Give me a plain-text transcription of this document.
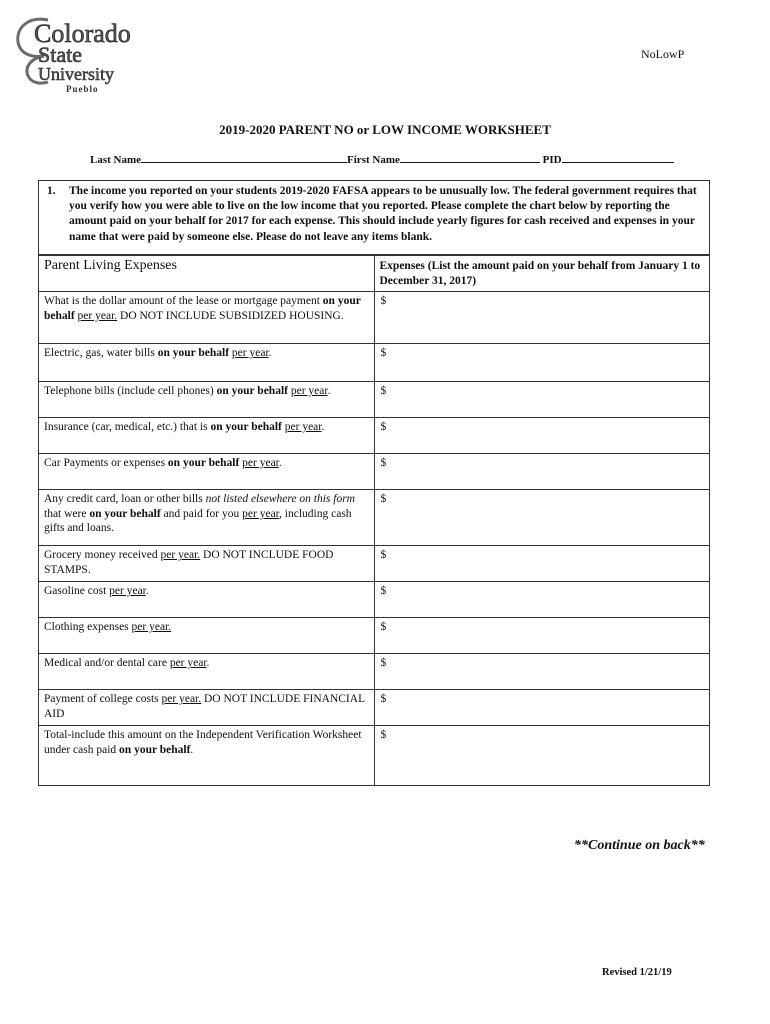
Colorado
State
University
Pueblo
NoLowP
2019-2020 PARENT NO or LOW INCOME WORKSHEET
Last Name	First Name	PID
1. The income you reported on your students 2019-2020 FAFSA appears to be unusually low. The federal government requires that you verify how you were able to live on the low income that you reported. Please complete the chart below by reporting the amount paid on your behalf for 2017 for each expense. This should include yearly figures for cash received and expenses in your name that were paid by someone else. Please do not leave any items blank.
Parent Living Expenses	Expenses (List the amount paid on your behalf from January 1 to December 31, 2017)
What is the dollar amount of the lease or mortgage payment on your behalf per year. DO NOT INCLUDE SUBSIDIZED HOUSING.	$
Electric, gas, water bills on your behalf per year.	$
Telephone bills (include cell phones) on your behalf per year.	$
Insurance (car, medical, etc.) that is on your behalf per year.	$
Car Payments or expenses on your behalf per year.	$
Any credit card, loan or other bills not listed elsewhere on this form that were on your behalf and paid for you per year, including cash gifts and loans.	$
Grocery money received per year. DO NOT INCLUDE FOOD STAMPS.	$
Gasoline cost per year.	$
Clothing expenses per year.	$
Medical and/or dental care per year.	$
Payment of college costs per year. DO NOT INCLUDE FINANCIAL AID	$
Total-include this amount on the Independent Verification Worksheet under cash paid on your behalf.	$
**Continue on back**
Revised 1/21/19
